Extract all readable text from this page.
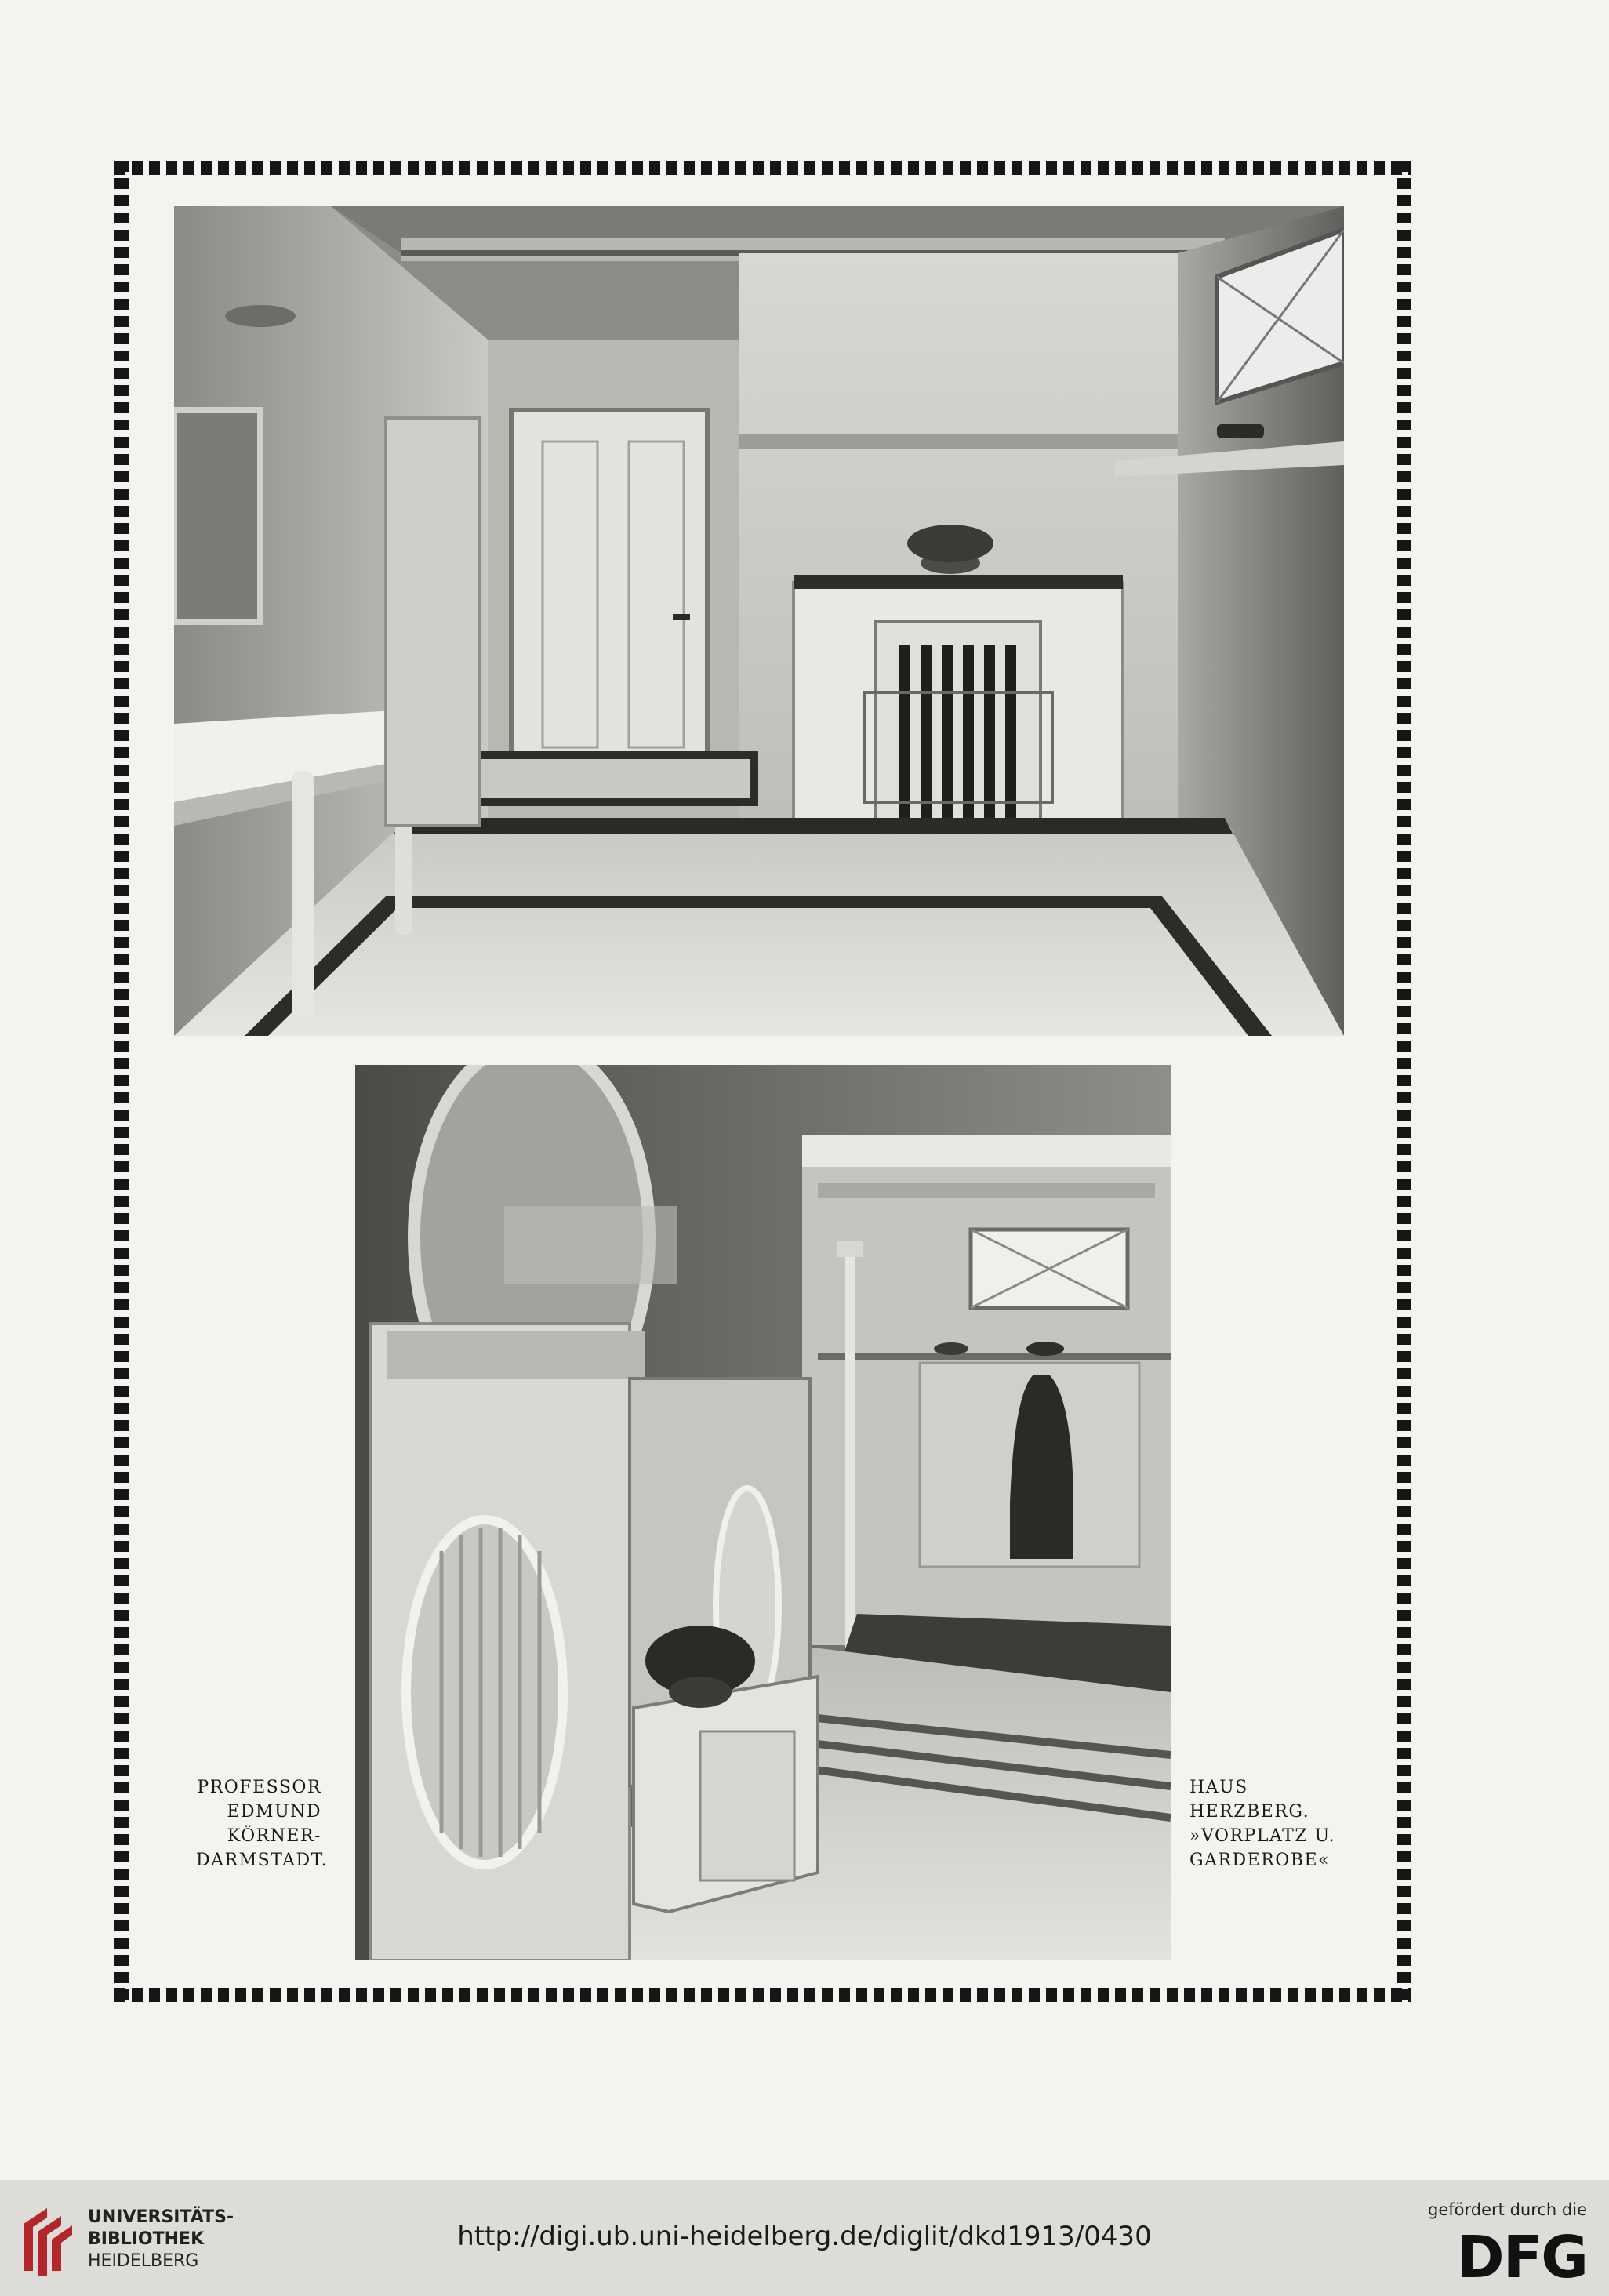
PROFESSOR
EDMUND
KÖRNER-
DARMSTADT.
HAUS
HERZBERG.
»VORPLATZ U.
GARDEROBE«
UNIVERSITÄTS-
BIBLIOTHEK
HEIDELBERG
http://digi.ub.uni-heidelberg.de/diglit/dkd1913/0430
gefördert durch die
DFG
